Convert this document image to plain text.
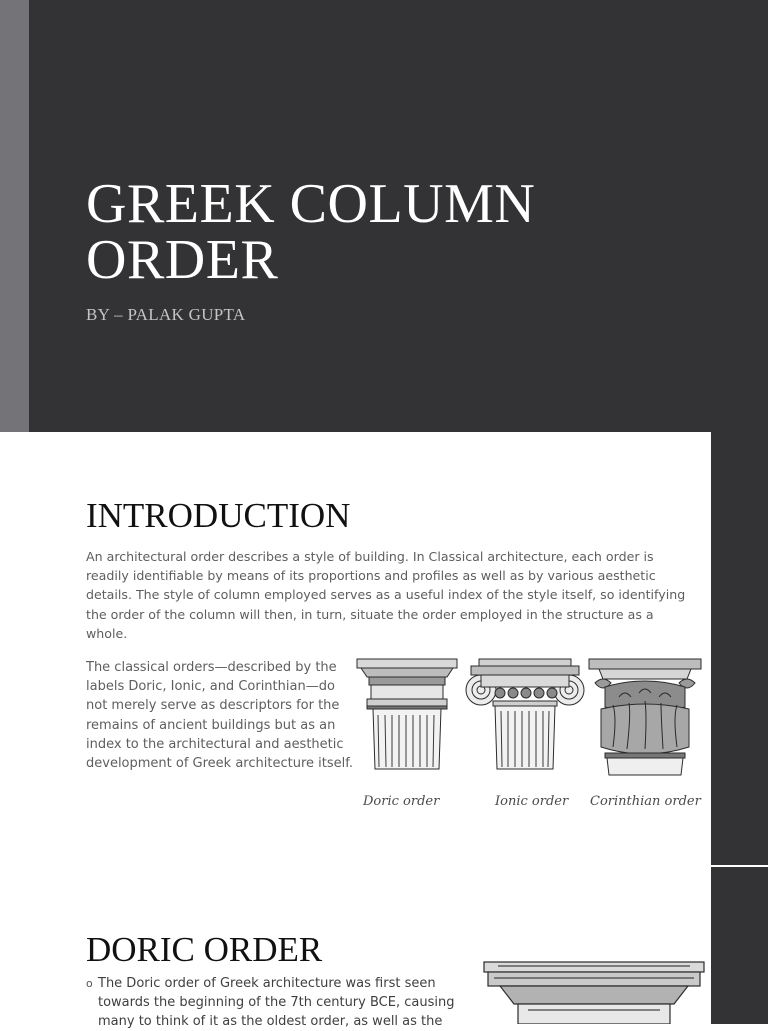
GREEK COLUMN ORDER

BY – PALAK GUPTA

INTRODUCTION

An architectural order describes a style of building. In Classical architecture, each order is readily identifiable by means of its proportions and profiles as well as by various aesthetic details. The style of column employed serves as a useful index of the style itself, so identifying the order of the column will then, in turn, situate the order employed in the structure as a whole.

The classical orders—described by the labels Doric, Ionic, and Corinthian—do not merely serve as descriptors for the remains of ancient buildings but as an index to the architectural and aesthetic development of Greek architecture itself.

Doric order	Ionic order Corinthian order
DORIC ORDER
o The Doric order of Greek architecture was first seen towards the beginning of the 7th century BCE, causing many to think of it as the oldest order, as well as the
